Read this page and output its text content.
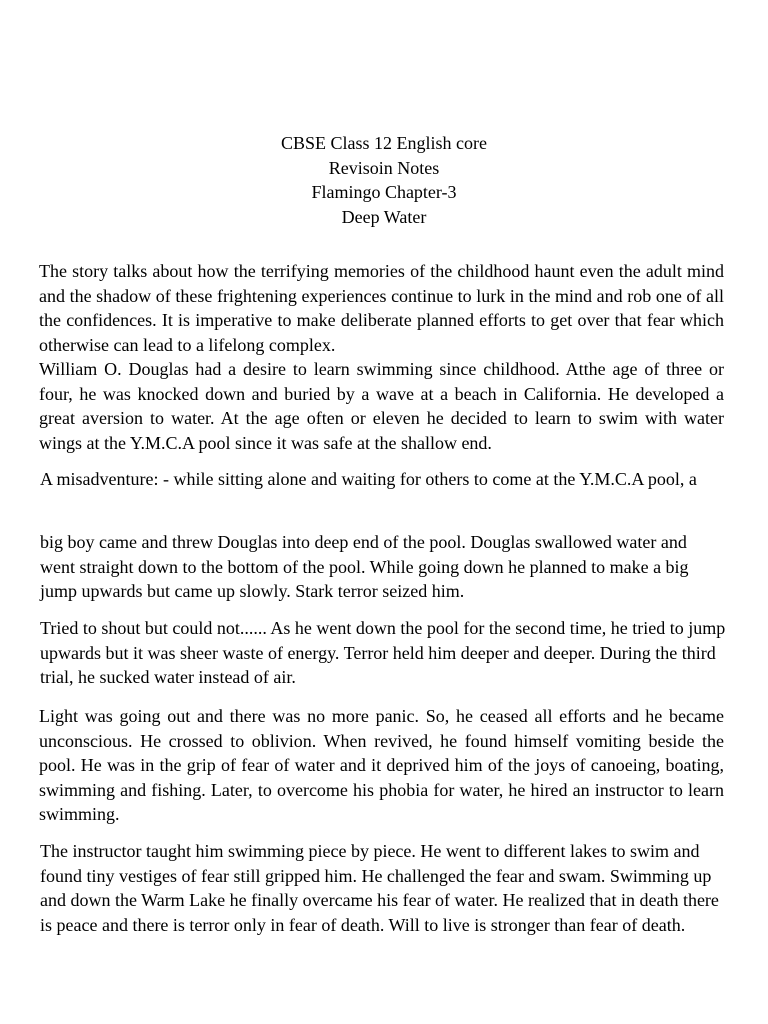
CBSE Class 12 English core
Revisoin Notes
Flamingo Chapter-3
Deep Water

The story talks about how the terrifying memories of the childhood haunt even the adult mind and the shadow of these frightening experiences continue to lurk in the mind and rob one of all the confidences. It is imperative to make deliberate planned efforts to get over that fear which otherwise can lead to a lifelong complex.

William O. Douglas had a desire to learn swimming since childhood. Atthe age of three or four, he was knocked down and buried by a wave at a beach in California. He developed a great aversion to water. At the age often or eleven he decided to learn to swim with water wings at the Y.M.C.A pool since it was safe at the shallow end.

A misadventure: - while sitting alone and waiting for others to come at the Y.M.C.A pool, a

big boy came and threw Douglas into deep end of the pool. Douglas swallowed water and went straight down to the bottom of the pool. While going down he planned to make a big jump upwards but came up slowly. Stark terror seized him.

Tried to shout but could not...... As he went down the pool for the second time, he tried to jump upwards but it was sheer waste of energy. Terror held him deeper and deeper. During the third trial, he sucked water instead of air.

Light was going out and there was no more panic. So, he ceased all efforts and he became unconscious. He crossed to oblivion. When revived, he found himself vomiting beside the pool. He was in the grip of fear of water and it deprived him of the joys of canoeing, boating, swimming and fishing. Later, to overcome his phobia for water, he hired an instructor to learn swimming.

The instructor taught him swimming piece by piece. He went to different lakes to swim and found tiny vestiges of fear still gripped him. He challenged the fear and swam. Swimming up and down the Warm Lake he finally overcame his fear of water. He realized that in death there is peace and there is terror only in fear of death. Will to live is stronger than fear of death.
